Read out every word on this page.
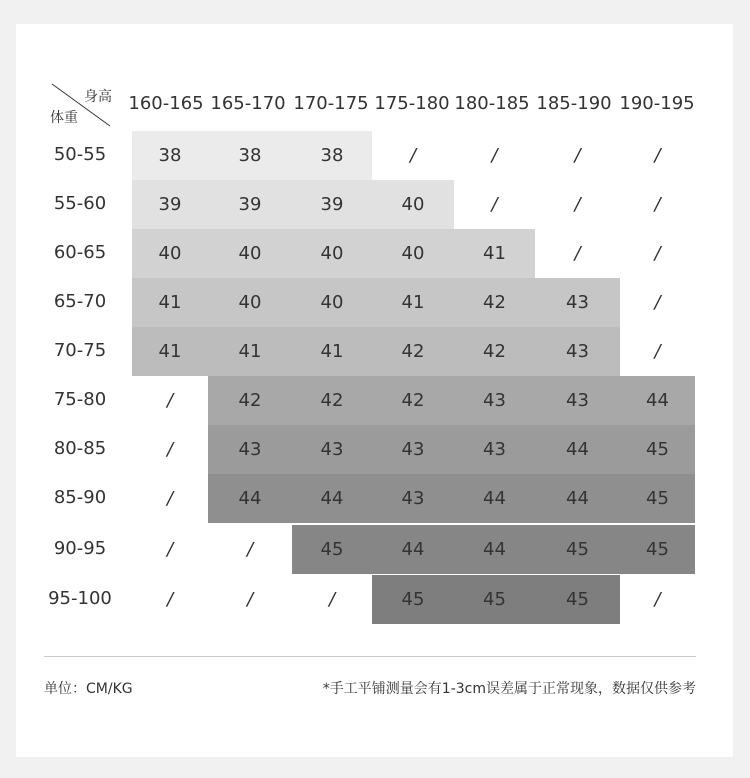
身高
体重
160-165 165-170 170-175 175-180 180-185 185-190 190-195
50-55	38	38	38	/	/	/	/
55-60	39	39	39	40	/	/	/
60-65	40	40	40	40	41	/	/
65-70	41	40	40	41	42	43	/
70-75	41	41	41	42	42	43	/
75-80	/	42	42	42	43	43	44
80-85	/	43	43	43	43	44	45
85-90	/	44	44	43	44	44	45
90-95	/	/	45	44	44	45	45
95-100	/	/	/	45	45	45	/
单位：CM/KG	*手工平铺测量会有1-3cm误差属于正常现象，数据仅供参考
